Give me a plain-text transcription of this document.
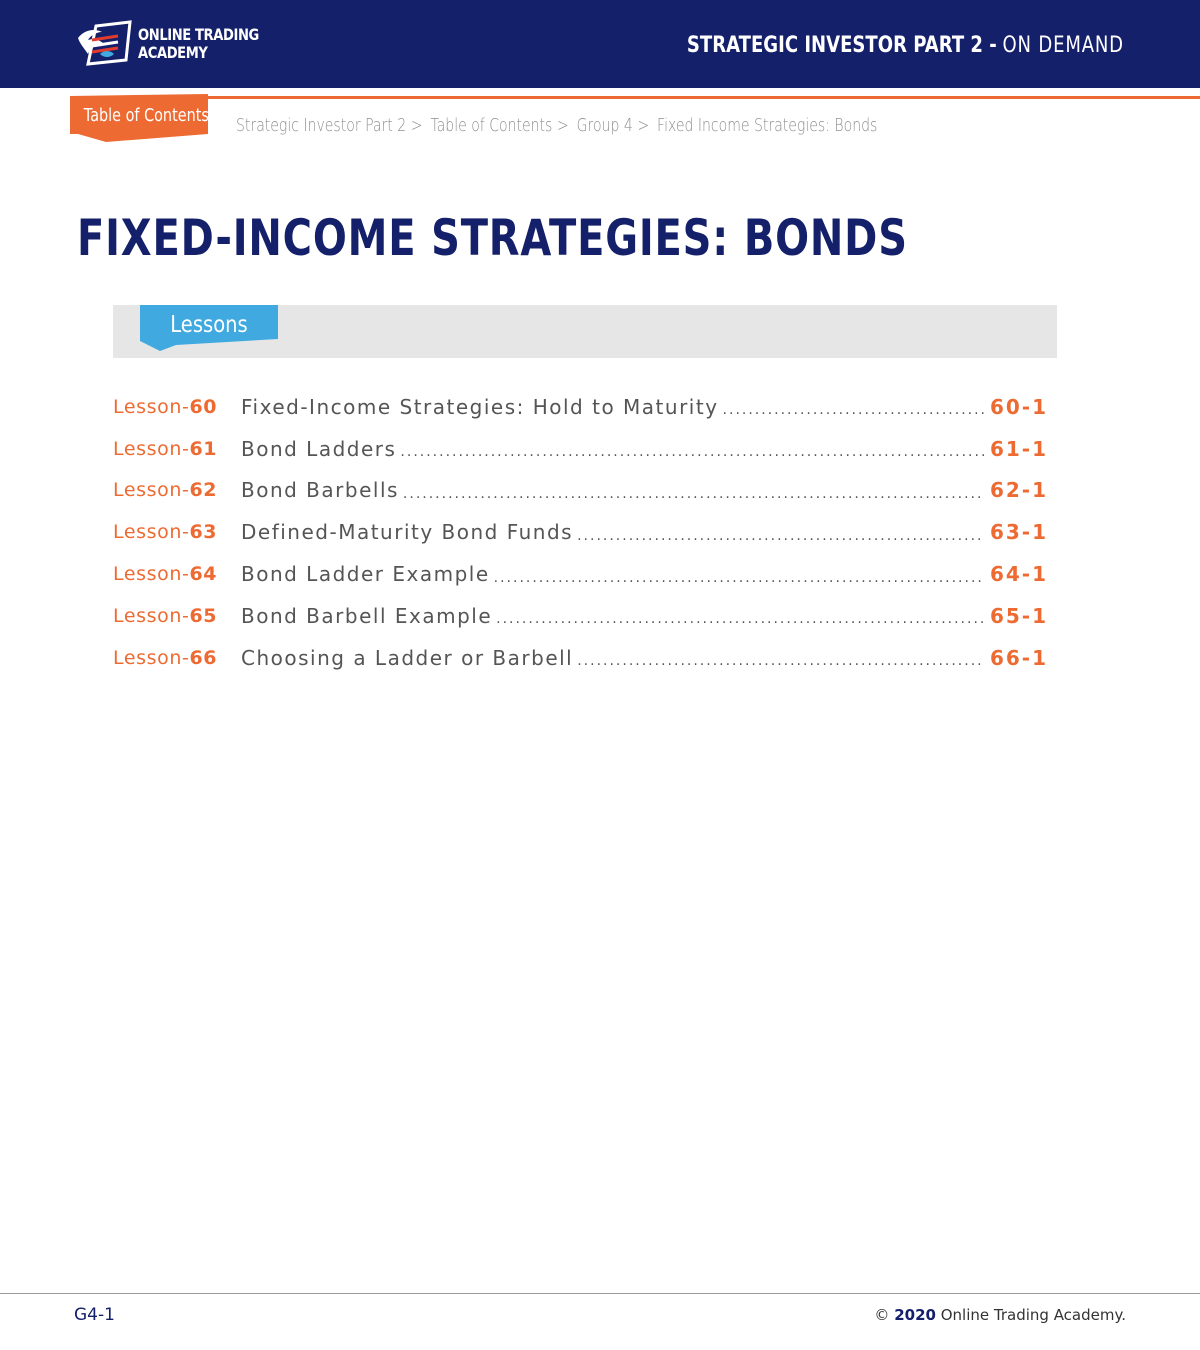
ONLINE TRADING
ACADEMY	STRATEGIC INVESTOR PART 2 - ON DEMAND
Table of Contents Strategic Investor Part 2 > Table of Contents > Group 4 > Fixed Income Strategies: Bonds
FIXED-INCOME STRATEGIES: BONDS
Lessons
Lesson-60	Fixed-Income Strategies: Hold to Maturity .....	60-1
Lesson-61	Bond Ladders .....	61-1
Lesson-62	Bond Barbells .....	62-1
Lesson-63	Defined-Maturity Bond Funds .....	63-1
Lesson-64	Bond Ladder Example .....	64-1
Lesson-65	Bond Barbell Example .....	65-1
Lesson-66	Choosing a Ladder or Barbell .....	66-1
G4-1	© 2020 Online Trading Academy.
